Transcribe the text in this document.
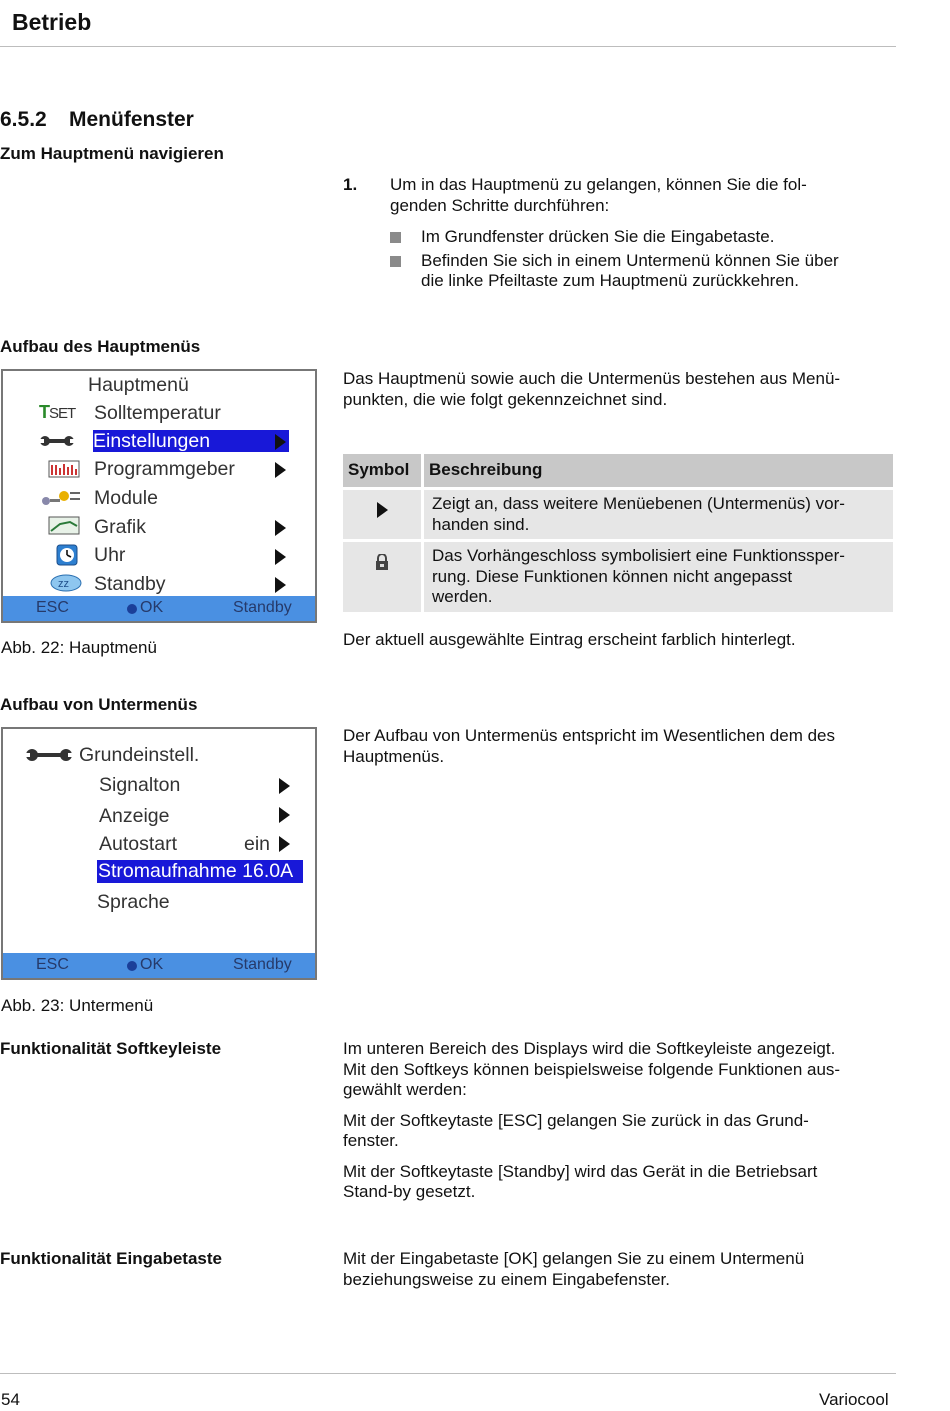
Betrieb
6.5.2 Menüfenster
Zum Hauptmenü navigieren
1. Um in das Hauptmenü zu gelangen, können Sie die fol-
genden Schritte durchführen:
Im Grundfenster drücken Sie die Eingabetaste.
Befinden Sie sich in einem Untermenü können Sie über
die linke Pfeiltaste zum Hauptmenü zurückkehren.
Aufbau des Hauptmenüs
Hauptmenü
TSET Solltemperatur
Einstellungen
Programmgeber
Module
Grafik
Uhr
zz Standby
ESC	OK	Standby
Abb. 22: Hauptmenü
Das Hauptmenü sowie auch die Untermenüs bestehen aus Menü-
punkten, die wie folgt gekennzeichnet sind.
Symbol	Beschreibung

	Zeigt an, dass weitere Menüebenen (Untermenüs) vor-
handen sind.

Das Vorhängeschloss symbolisiert eine Funktionssper-
rung. Diese Funktionen können nicht angepasst
werden.
Der aktuell ausgewählte Eintrag erscheint farblich hinterlegt.
Aufbau von Untermenüs
Grundeinstell.
Signalton
Anzeige
Autostart	ein
Stromaufnahme 16.0A
Sprache
ESC	OK	Standby
Abb. 23: Untermenü
Der Aufbau von Untermenüs entspricht im Wesentlichen dem des
Hauptmenüs.
Funktionalität Softkeyleiste	Im unteren Bereich des Displays wird die Softkeyleiste angezeigt.
Mit den Softkeys können beispielsweise folgende Funktionen aus-
gewählt werden:
Mit der Softkeytaste [ESC] gelangen Sie zurück in das Grund-
fenster.
Mit der Softkeytaste [Standby] wird das Gerät in die Betriebsart
Stand-by gesetzt.
Funktionalität Eingabetaste	Mit der Eingabetaste [OK] gelangen Sie zu einem Untermenü
beziehungsweise zu einem Eingabefenster.
54	Variocool
